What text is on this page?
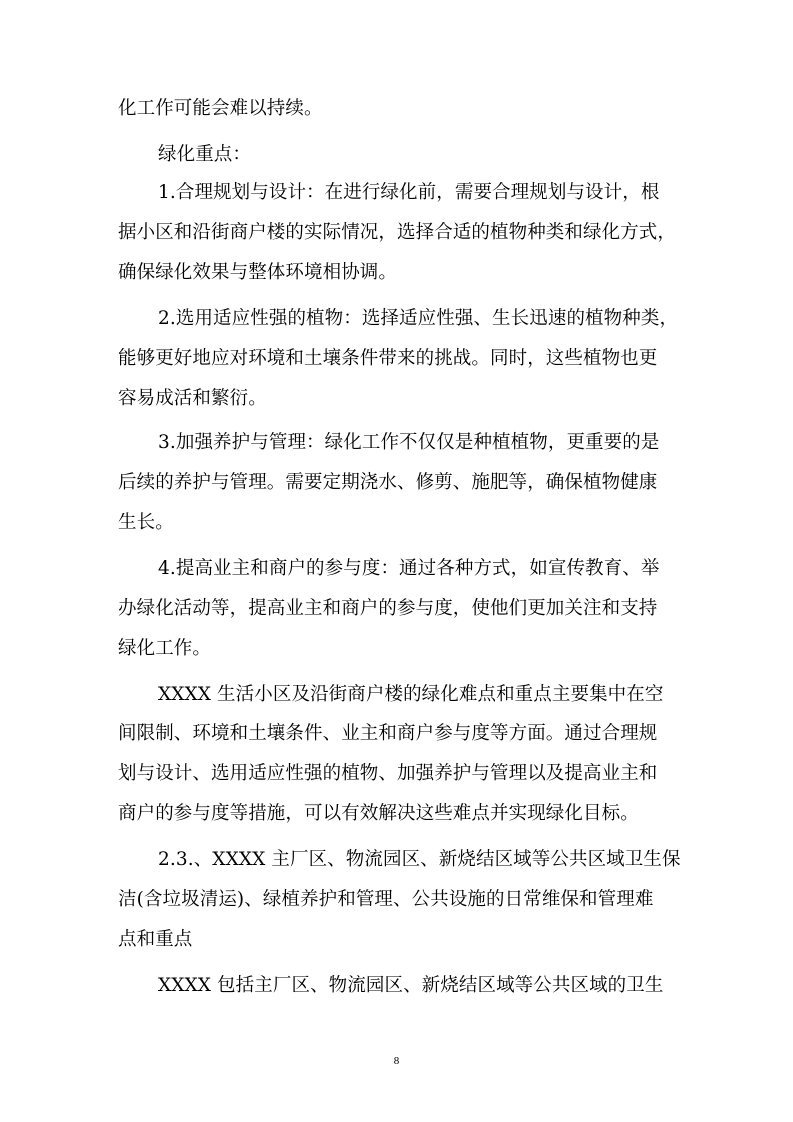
化工作可能会难以持续。
绿化重点：
1.合理规划与设计：在进行绿化前，需要合理规划与设计，根
据小区和沿街商户楼的实际情况，选择合适的植物种类和绿化方式，
确保绿化效果与整体环境相协调。
2.选用适应性强的植物：选择适应性强、生长迅速的植物种类，
能够更好地应对环境和土壤条件带来的挑战。同时，这些植物也更
容易成活和繁衍。
3.加强养护与管理：绿化工作不仅仅是种植植物，更重要的是
后续的养护与管理。需要定期浇水、修剪、施肥等，确保植物健康
生长。
4.提高业主和商户的参与度：通过各种方式，如宣传教育、举
办绿化活动等，提高业主和商户的参与度，使他们更加关注和支持
绿化工作。
XXXX 生活小区及沿街商户楼的绿化难点和重点主要集中在空
间限制、环境和土壤条件、业主和商户参与度等方面。通过合理规
划与设计、选用适应性强的植物、加强养护与管理以及提高业主和
商户的参与度等措施，可以有效解决这些难点并实现绿化目标。
2.3.、XXXX 主厂区、物流园区、新烧结区域等公共区域卫生保
洁(含垃圾清运)、绿植养护和管理、公共设施的日常维保和管理难
点和重点
XXXX 包括主厂区、物流园区、新烧结区域等公共区域的卫生
8
